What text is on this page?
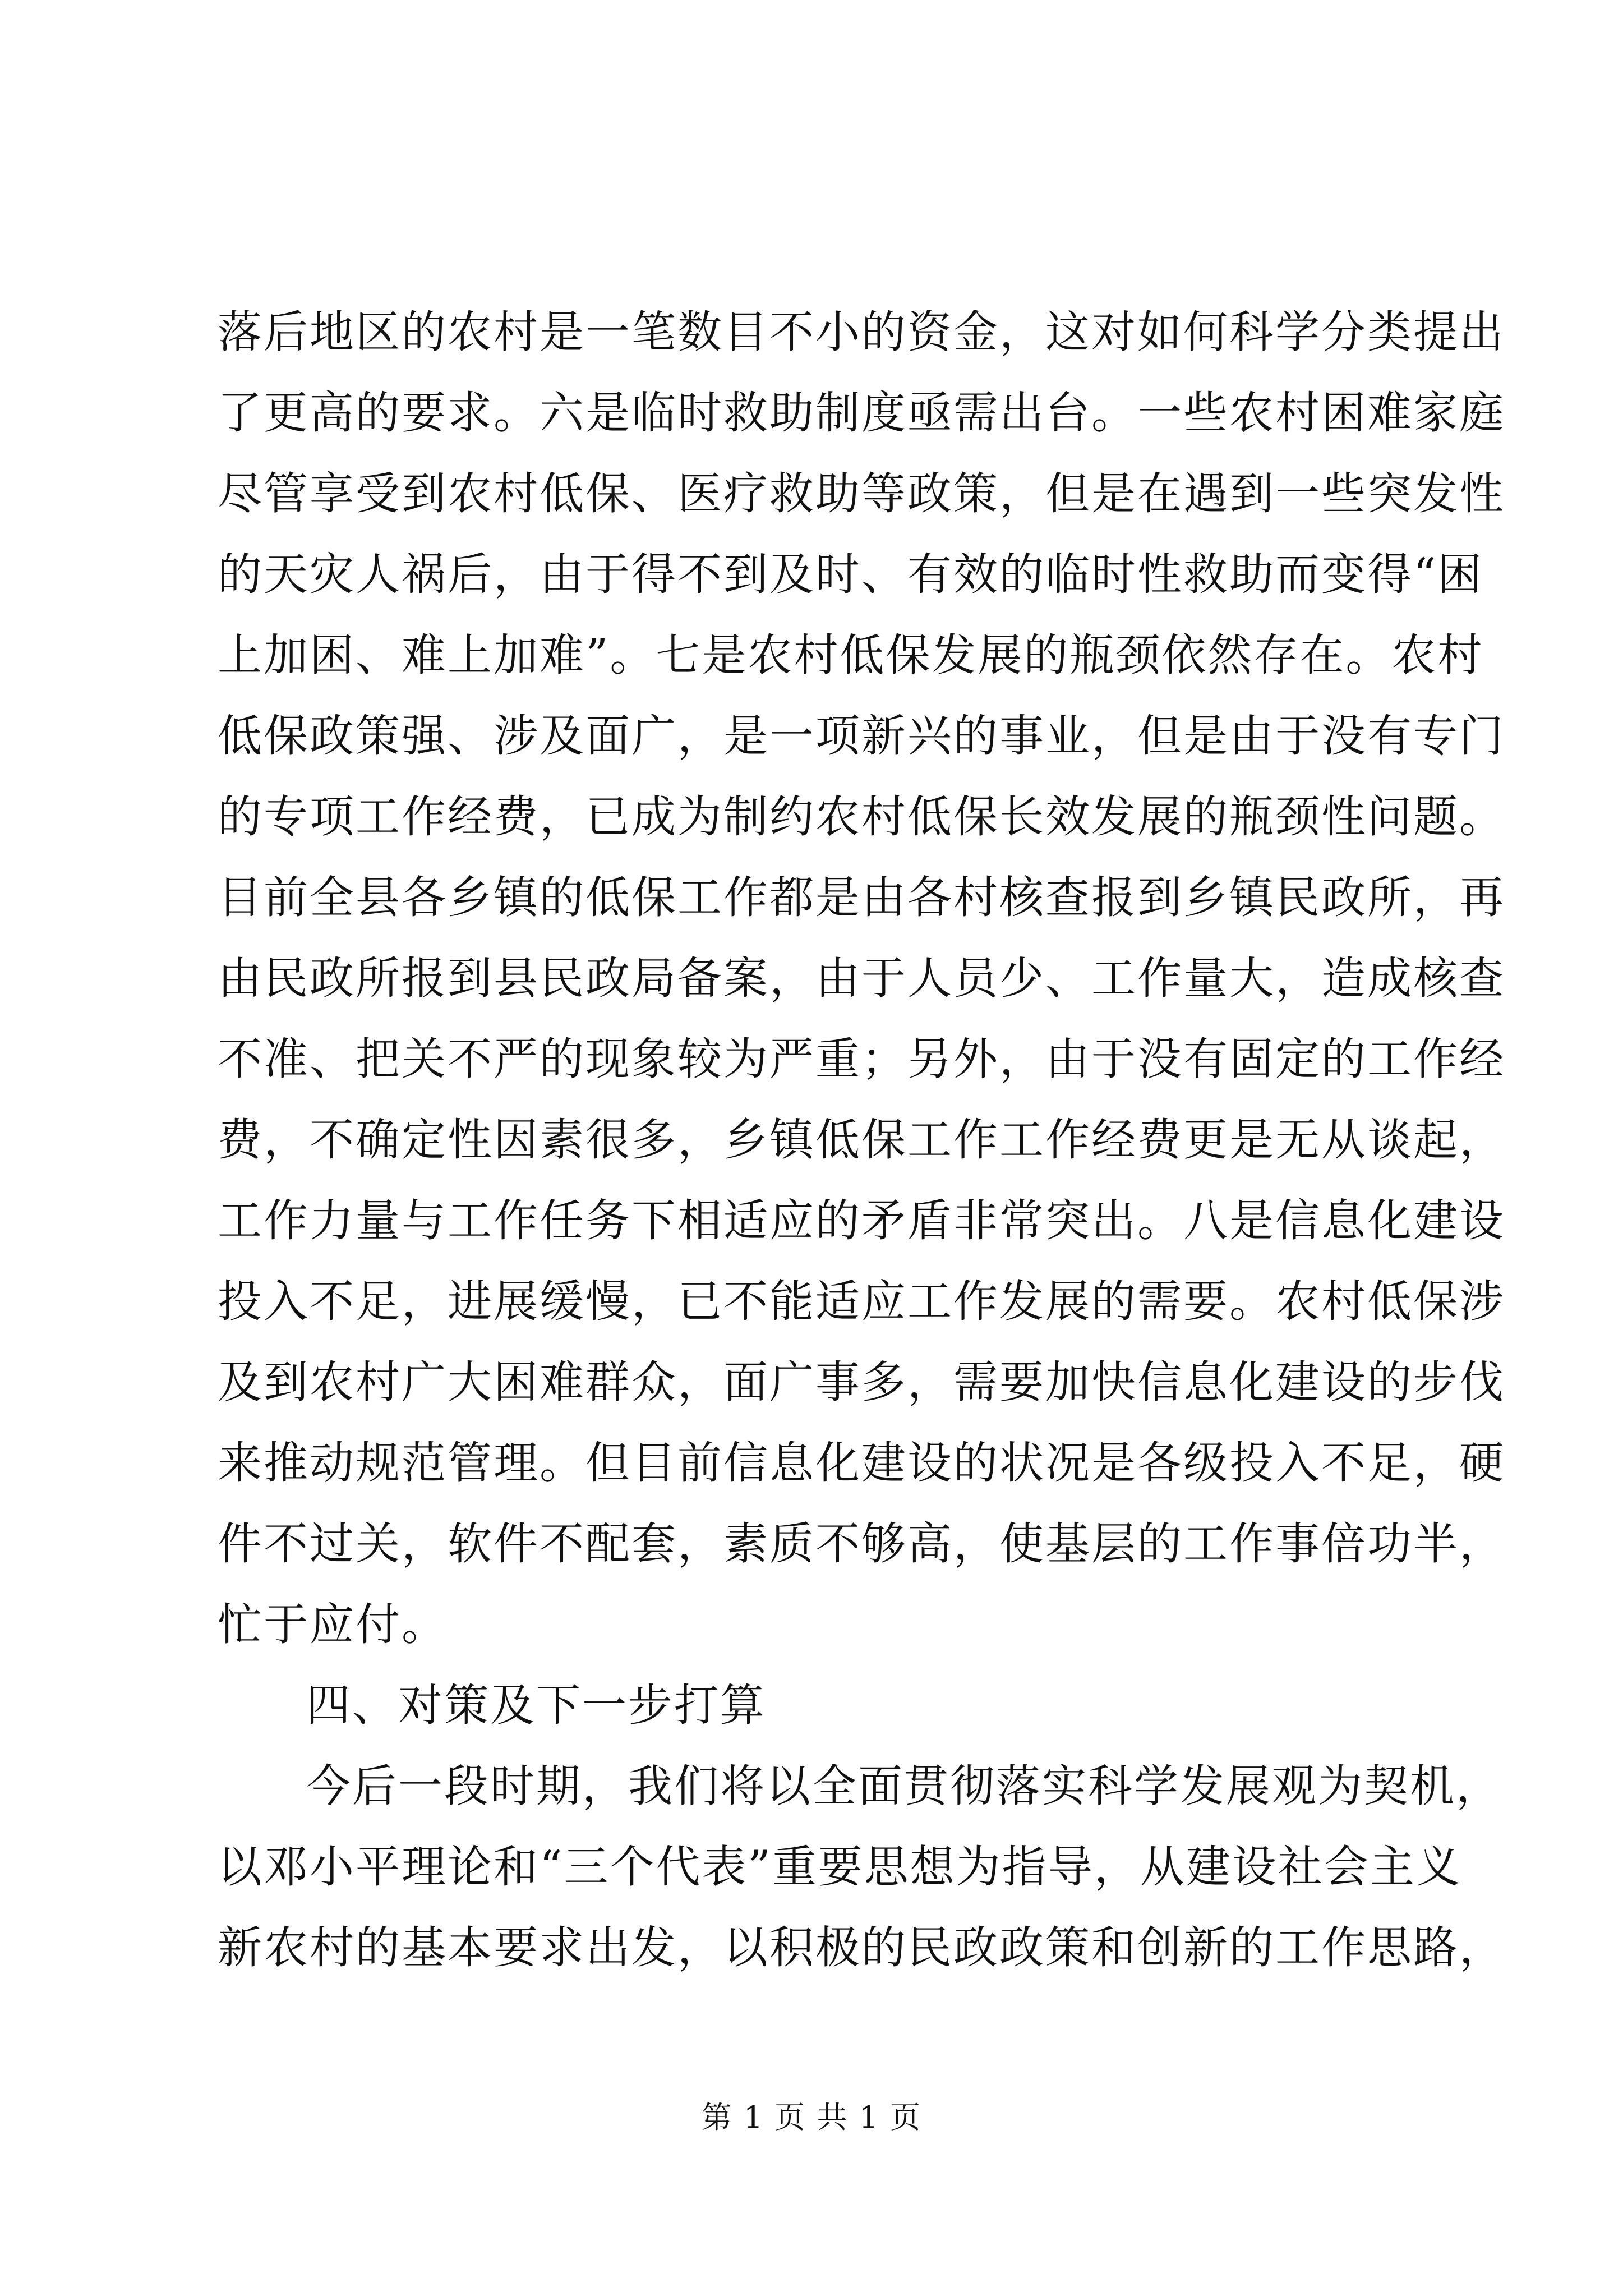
落后地区的农村是一笔数目不小的资金，这对如何科学分类提出
了更高的要求。六是临时救助制度亟需出台。一些农村困难家庭
尽管享受到农村低保、医疗救助等政策，但是在遇到一些突发性
的天灾人祸后，由于得不到及时、有效的临时性救助而变得“困
上加困、难上加难”。七是农村低保发展的瓶颈依然存在。农村
低保政策强、涉及面广，是一项新兴的事业，但是由于没有专门
的专项工作经费，已成为制约农村低保长效发展的瓶颈性问题。
目前全县各乡镇的低保工作都是由各村核查报到乡镇民政所，再
由民政所报到县民政局备案，由于人员少、工作量大，造成核查
不准、把关不严的现象较为严重；另外，由于没有固定的工作经
费，不确定性因素很多，乡镇低保工作工作经费更是无从谈起，
工作力量与工作任务下相适应的矛盾非常突出。八是信息化建设
投入不足，进展缓慢，已不能适应工作发展的需要。农村低保涉
及到农村广大困难群众，面广事多，需要加快信息化建设的步伐
来推动规范管理。但目前信息化建设的状况是各级投入不足，硬
件不过关，软件不配套，素质不够高，使基层的工作事倍功半，
忙于应付。
四、对策及下一步打算
今后一段时期，我们将以全面贯彻落实科学发展观为契机，
以邓小平理论和“三个代表”重要思想为指导，从建设社会主义
新农村的基本要求出发，以积极的民政政策和创新的工作思路，
第 1 页 共 1 页
